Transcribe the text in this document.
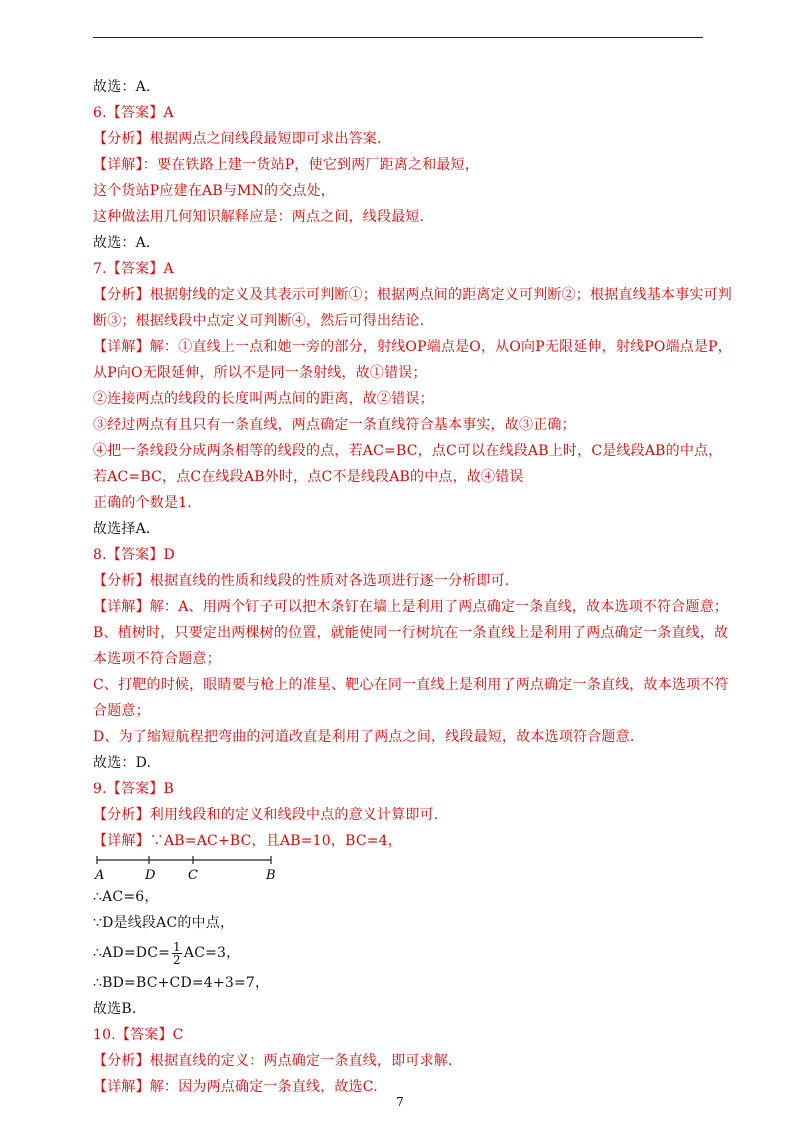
故选：A.
6.【答案】A
【分析】根据两点之间线段最短即可求出答案.
【详解】：要在铁路上建一货站P，使它到两厂距离之和最短，
这个货站P应建在AB与MN的交点处，
这种做法用几何知识解释应是：两点之间，线段最短.
故选：A.
7.【答案】A
【分析】根据射线的定义及其表示可判断①；根据两点间的距离定义可判断②；根据直线基本事实可判
断③；根据线段中点定义可判断④，然后可得出结论.
【详解】解：①直线上一点和她一旁的部分，射线OP端点是O，从O向P无限延伸，射线PO端点是P，
从P向O无限延伸，所以不是同一条射线，故①错误；
②连接两点的线段的长度叫两点间的距离，故②错误；
③经过两点有且只有一条直线，两点确定一条直线符合基本事实，故③正确；
④把一条线段分成两条相等的线段的点，若AC=BC，点C可以在线段AB上时，C是线段AB的中点，
若AC=BC，点C在线段AB外时，点C不是线段AB的中点，故④错误
正确的个数是1.
故选择A.
8.【答案】D
【分析】根据直线的性质和线段的性质对各选项进行逐一分析即可.
【详解】解：A、用两个钉子可以把木条钉在墙上是利用了两点确定一条直线，故本选项不符合题意；
B、植树时，只要定出两棵树的位置，就能使同一行树坑在一条直线上是利用了两点确定一条直线，故
本选项不符合题意；
C、打靶的时候，眼睛要与枪上的准星、靶心在同一直线上是利用了两点确定一条直线，故本选项不符
合题意；
D、为了缩短航程把弯曲的河道改直是利用了两点之间，线段最短，故本选项符合题意.
故选：D.
9.【答案】B
【分析】利用线段和的定义和线段中点的意义计算即可.
【详解】∵AB=AC+BC，且AB=10，BC=4，
A	D	C	B
∴AC=6，
∵D是线段AC的中点，
∴AD=DC= $\frac{1}{2} AC=3$，
∴BD=BC+CD=4+3=7，
故选B.
10.【答案】C
【分析】根据直线的定义：两点确定一条直线，即可求解.
【详解】解：因为两点确定一条直线，故选C.
7
